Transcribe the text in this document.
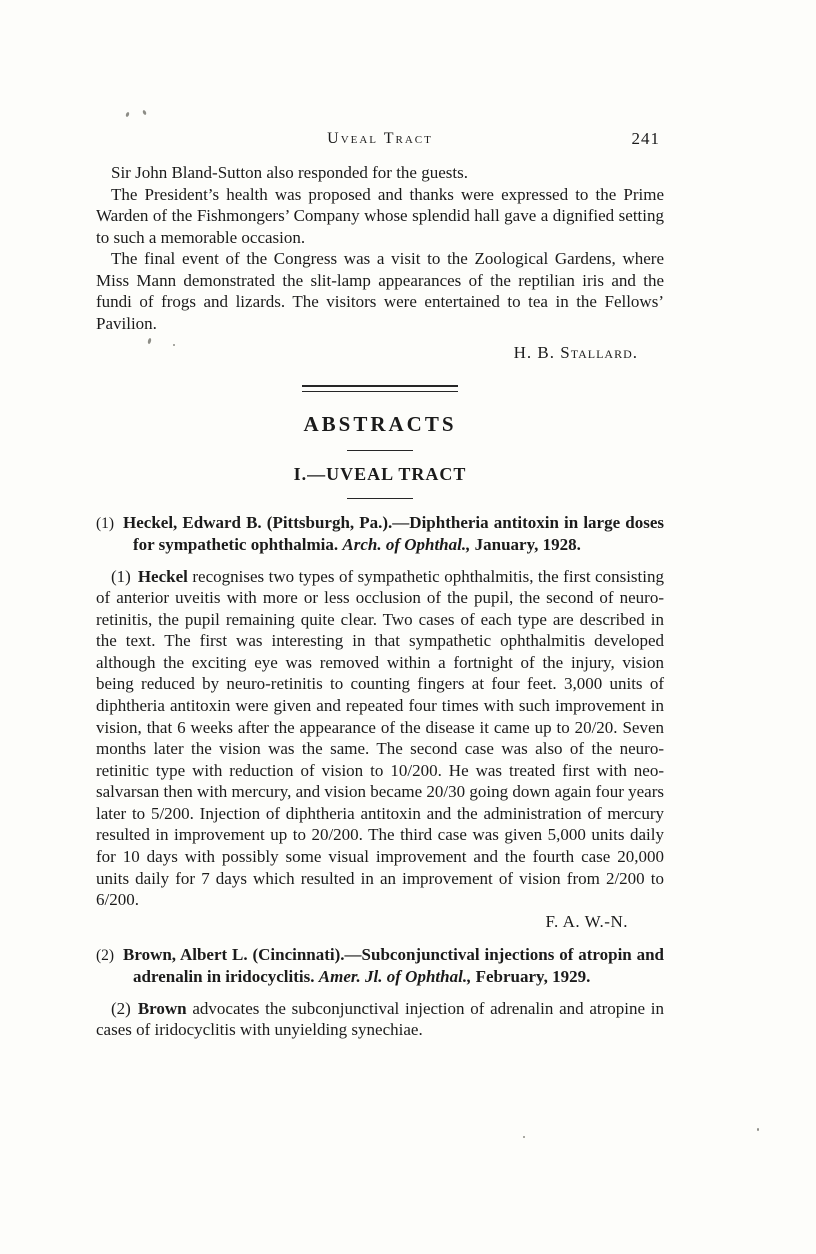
Uveal Tract	241

Sir John Bland-Sutton also responded for the guests.

The President’s health was proposed and thanks were expressed to the Prime Warden of the Fishmongers’ Company whose splendid hall gave a dignified setting to such a memorable occasion.

The final event of the Congress was a visit to the Zoological Gardens, where Miss Mann demonstrated the slit-lamp appearances of the reptilian iris and the fundi of frogs and lizards. The visitors were entertained to tea in the Fellows’ Pavilion.

H. B. Stallard.

ABSTRACTS
I.—UVEAL TRACT

(1) Heckel, Edward B. (Pittsburgh, Pa.).—Diphtheria antitoxin in large doses for sympathetic ophthalmia. Arch. of Ophthal., January, 1928.

(1) Heckel recognises two types of sympathetic ophthalmitis, the first consisting of anterior uveitis with more or less occlusion of the pupil, the second of neuro-retinitis, the pupil remaining quite clear. Two cases of each type are described in the text. The first was interesting in that sympathetic ophthalmitis developed although the exciting eye was removed within a fortnight of the injury, vision being reduced by neuro-retinitis to counting fingers at four feet. 3,000 units of diphtheria antitoxin were given and repeated four times with such improvement in vision, that 6 weeks after the appearance of the disease it came up to 20/20. Seven months later the vision was the same. The second case was also of the neuro-retinitic type with reduction of vision to 10/200. He was treated first with neo-salvarsan then with mercury, and vision became 20/30 going down again four years later to 5/200. Injection of diphtheria antitoxin and the administration of mercury resulted in improvement up to 20/200. The third case was given 5,000 units daily for 10 days with possibly some visual improvement and the fourth case 20,000 units daily for 7 days which resulted in an improvement of vision from 2/200 to 6/200.

F. A. W.-N.

(2) Brown, Albert L. (Cincinnati).—Subconjunctival injections of atropin and adrenalin in iridocyclitis. Amer. Jl. of Ophthal., February, 1929.

(2) Brown advocates the subconjunctival injection of adrenalin and atropine in cases of iridocyclitis with unyielding synechiae.
